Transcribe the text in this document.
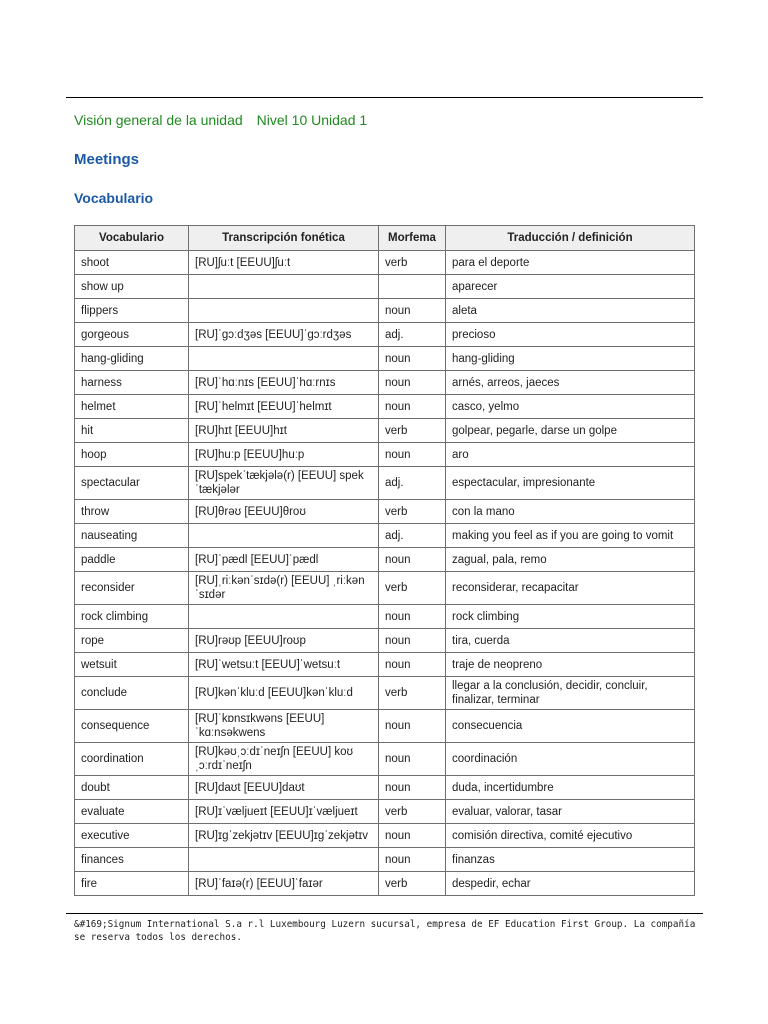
Visión general de la unidad Nivel 10 Unidad 1
Meetings
Vocabulario
Vocabulario	Transcripción fonética	Morfema	Traducción / definición
shoot	[RU]ʃuːt [EEUU]ʃuːt	verb	para el deporte
show up			aparecer
flippers		noun	aleta
gorgeous	[RU]ˈɡɔːdʒəs [EEUU]ˈɡɔːrdʒəs	adj.	precioso
hang-gliding		noun	hang-gliding
harness	[RU]ˈhɑːnɪs [EEUU]ˈhɑːrnɪs	noun	arnés, arreos, jaeces
helmet	[RU]ˈhelmɪt [EEUU]ˈhelmɪt	noun	casco, yelmo
hit	[RU]hɪt [EEUU]hɪt	verb	golpear, pegarle, darse un golpe
hoop	[RU]huːp [EEUU]huːp	noun	aro
spectacular	[RU]spekˈtækjələ(r) [EEUU] spekˈtækjələr	adj.	espectacular, impresionante
throw	[RU]θrəʊ [EEUU]θroʊ	verb	con la mano
nauseating		adj.	making you feel as if you are going to vomit
paddle	[RU]ˈpædl [EEUU]ˈpædl	noun	zagual, pala, remo
reconsider	[RU]ˌriːkənˈsɪdə(r) [EEUU] ˌriːkənˈsɪdər	verb	reconsiderar, recapacitar
rock climbing		noun	rock climbing
rope	[RU]rəʊp [EEUU]roʊp	noun	tira, cuerda
wetsuit	[RU]ˈwetsuːt [EEUU]ˈwetsuːt	noun	traje de neopreno
conclude	[RU]kənˈkluːd [EEUU]kənˈkluːd	verb	llegar a la conclusión, decidir, concluir, finalizar, terminar
consequence	[RU]ˈkɒnsɪkwəns [EEUU] ˈkɑːnsəkwens	noun	consecuencia
coordination	[RU]kəʊˌɔːdɪˈneɪʃn [EEUU] koʊˌɔːrdɪˈneɪʃn	noun	coordinación
doubt	[RU]daʊt [EEUU]daʊt	noun	duda, incertidumbre
evaluate	[RU]ɪˈvæljueɪt [EEUU]ɪˈvæljueɪt	verb	evaluar, valorar, tasar
executive	[RU]ɪɡˈzekjətɪv [EEUU]ɪɡˈzekjətɪv	noun	comisión directiva, comité ejecutivo
finances		noun	finanzas
fire	[RU]ˈfaɪə(r) [EEUU]ˈfaɪər	verb	despedir, echar
&#169;Signum International S.a r.l Luxembourg Luzern sucursal, empresa de EF Education First Group. La compañía
se reserva todos los derechos.
